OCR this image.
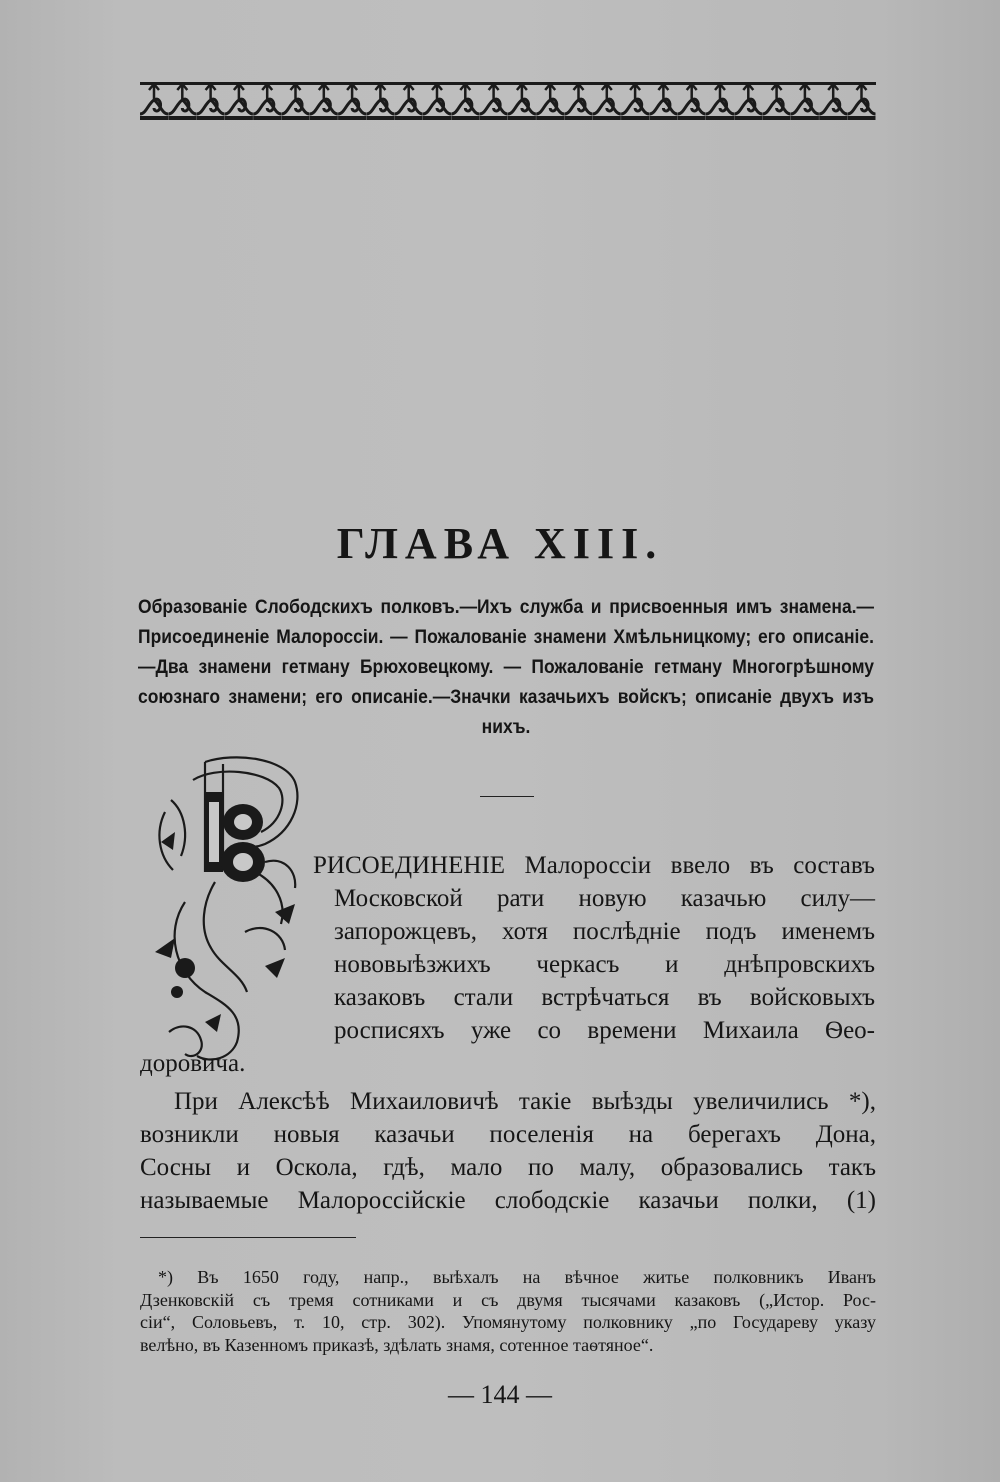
ГЛАВА XIII.
Образованіе Слободскихъ полковъ.—Ихъ служба и присвоенныя имъ знамена.— Присоединеніе Малороссіи. — Пожалованіе знамени Хмѣльницкому; его описаніе.—Два знамени гетману Брюховецкому. — Пожалованіе гетману Многогрѣшному союзнаго знамени; его описаніе.—Значки казачьихъ войскъ; описаніе двухъ изъ нихъ.
РИСОЕДИНЕНІЕ Малороссіи ввело въ составъ
Московской рати новую казачью силу—
запорожцевъ, хотя послѣдніе подъ именемъ
нововыѣзжихъ черкасъ и днѣпровскихъ
казаковъ стали встрѣчаться въ войсковыхъ
росписяхъ уже со времени Михаила Ѳео-
доровича.
При Алексѣѣ Михаиловичѣ такіе выѣзды увеличились *),
возникли новыя казачьи поселенія на берегахъ Дона,
Сосны и Оскола, гдѣ, мало по малу, образовались такъ
называемые Малороссійскіе слободскіе казачьи полки, (1)
*) Въ 1650 году, напр., выѣхалъ на вѣчное житье полковникъ Иванъ
Дзенковскій съ тремя сотниками и съ двумя тысячами казаковъ („Истор. Рос-
сіи“, Соловьевъ, т. 10, стр. 302). Упомянутому полковнику „по Государеву указу
велѣно, въ Казенномъ приказѣ, здѣлать знамя, сотенное таѳтяное“.
— 144 —
